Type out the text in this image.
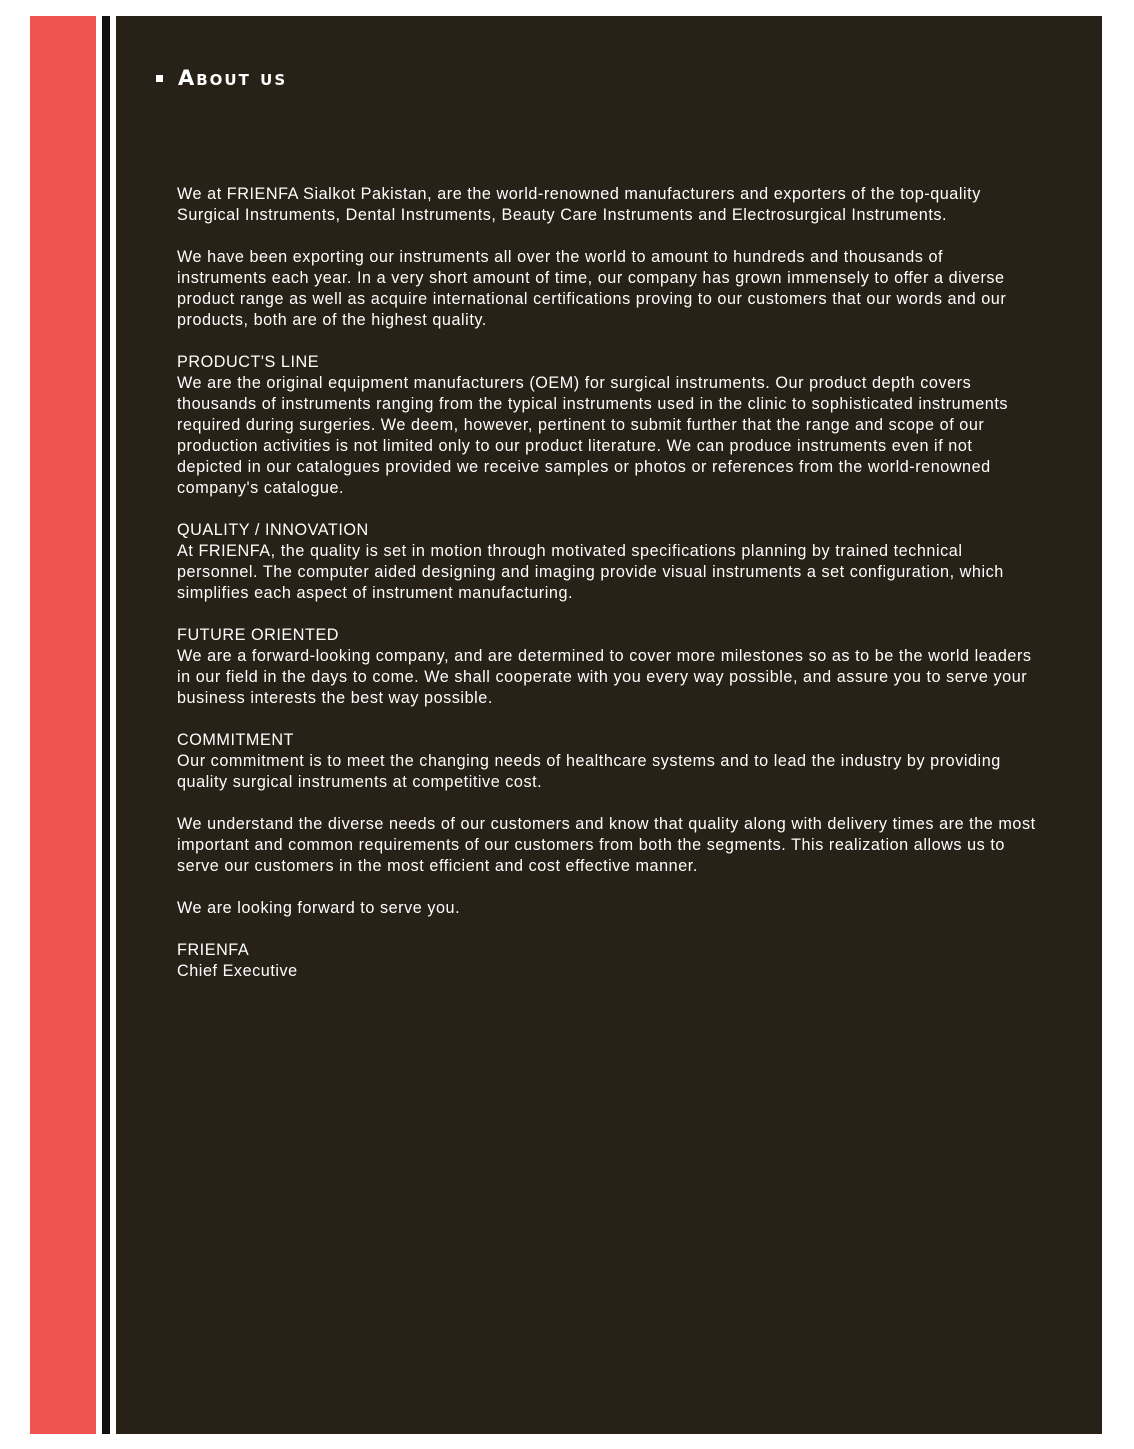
About us

We at FRIENFA Sialkot Pakistan, are the world-renowned manufacturers and exporters of the top-quality Surgical Instruments, Dental Instruments, Beauty Care Instruments and Electrosurgical Instruments.

We have been exporting our instruments all over the world to amount to hundreds and thousands of instruments each year. In a very short amount of time, our company has grown immensely to offer a diverse product range as well as acquire international certifications proving to our customers that our words and our products, both are of the highest quality.

PRODUCT'S LINE
We are the original equipment manufacturers (OEM) for surgical instruments. Our product depth covers thousands of instruments ranging from the typical instruments used in the clinic to sophisticated instruments required during surgeries. We deem, however, pertinent to submit further that the range and scope of our production activities is not limited only to our product literature. We can produce instruments even if not depicted in our catalogues provided we receive samples or photos or references from the world-renowned company's catalogue.

QUALITY / INNOVATION
At FRIENFA, the quality is set in motion through motivated specifications planning by trained technical personnel. The computer aided designing and imaging provide visual instruments a set configuration, which simplifies each aspect of instrument manufacturing.

FUTURE ORIENTED
We are a forward-looking company, and are determined to cover more milestones so as to be the world leaders in our field in the days to come. We shall cooperate with you every way possible, and assure you to serve your business interests the best way possible.

COMMITMENT
Our commitment is to meet the changing needs of healthcare systems and to lead the industry by providing quality surgical instruments at competitive cost.

We understand the diverse needs of our customers and know that quality along with delivery times are the most important and common requirements of our customers from both the segments. This realization allows us to serve our customers in the most efficient and cost effective manner.

We are looking forward to serve you.

FRIENFA
Chief Executive
